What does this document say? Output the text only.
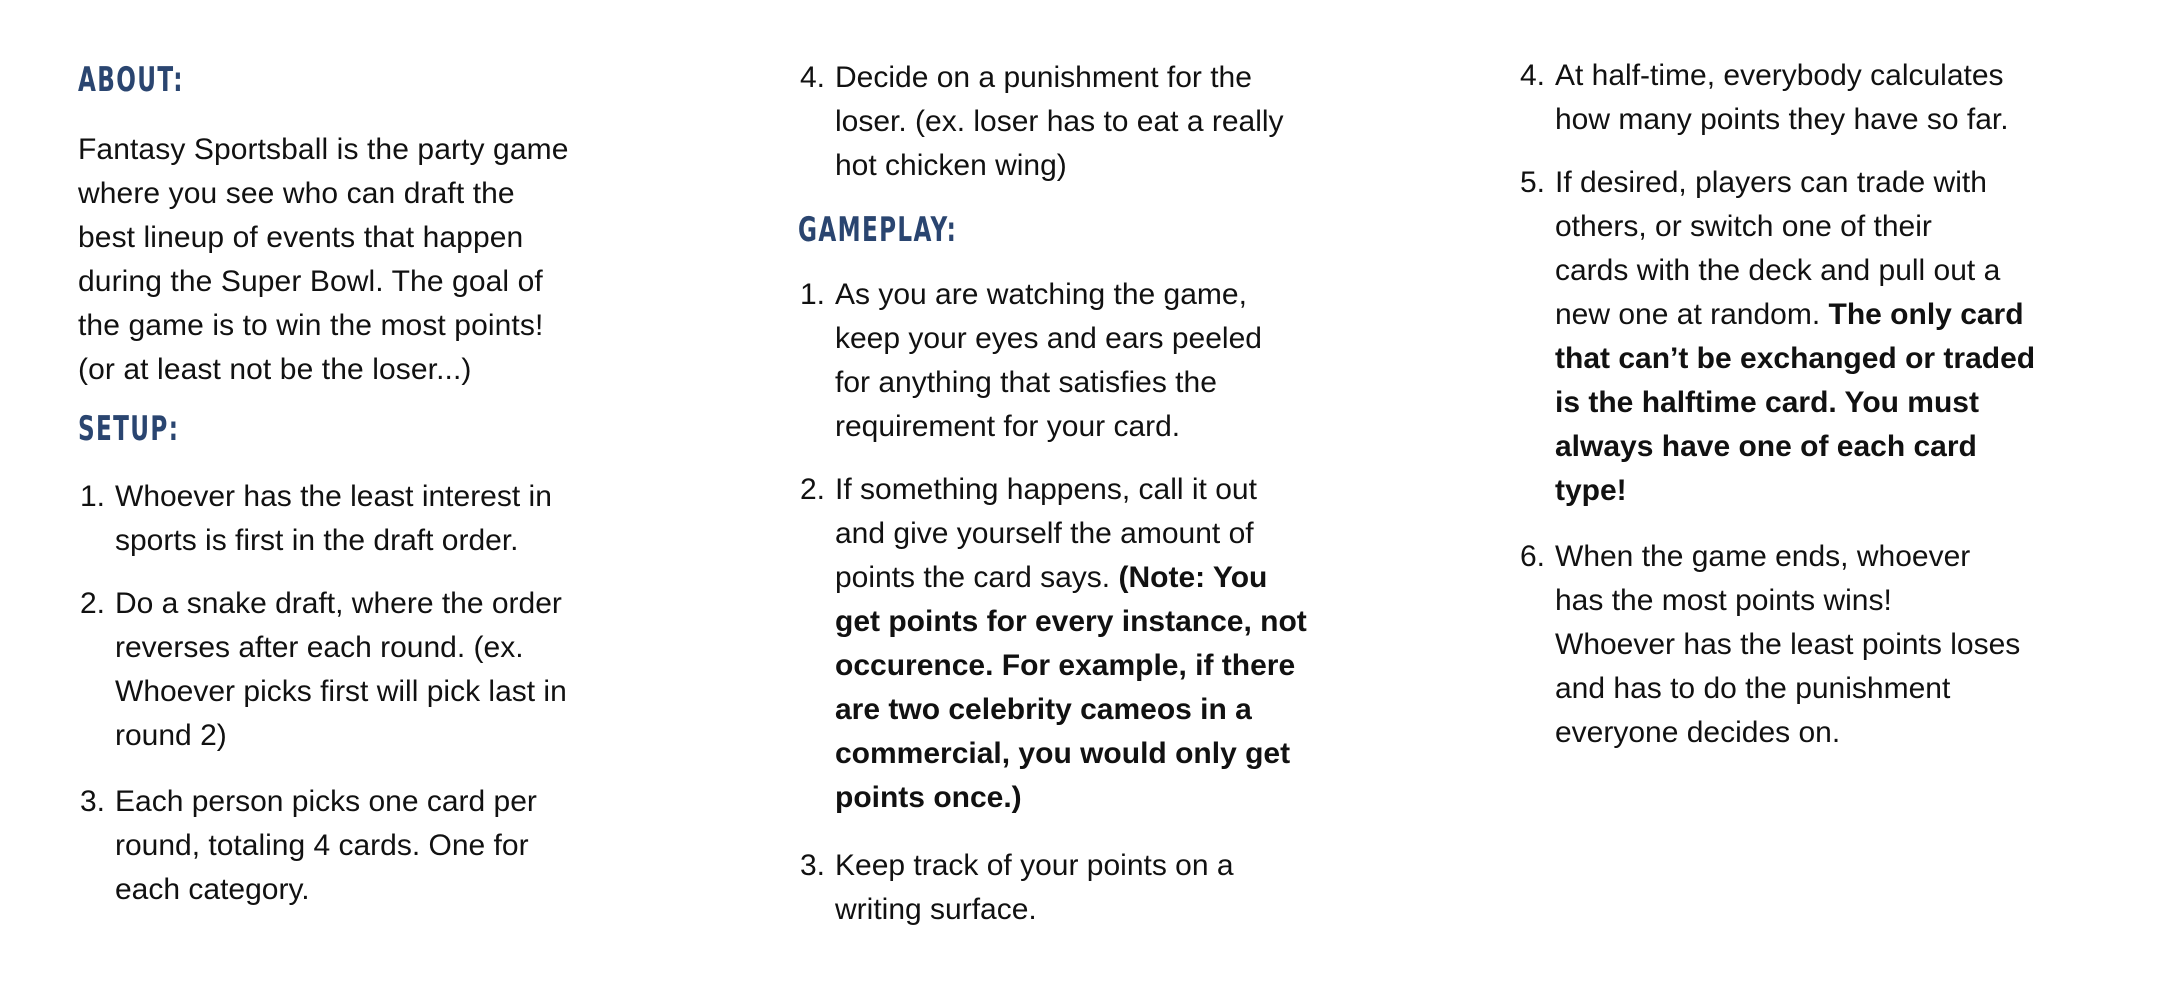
ABOUT:
Fantasy Sportsball is the party game
where you see who can draft the
best lineup of events that happen
during the Super Bowl. The goal of
the game is to win the most points!
(or at least not be the loser...)
SETUP:
1. Whoever has the least interest in
sports is first in the draft order.
2. Do a snake draft, where the order
reverses after each round. (ex.
Whoever picks first will pick last in
round 2)
3. Each person picks one card per
round, totaling 4 cards. One for
each category.
4. Decide on a punishment for the
loser. (ex. loser has to eat a really
hot chicken wing)
GAMEPLAY:
1. As you are watching the game,
keep your eyes and ears peeled
for anything that satisfies the
requirement for your card.
2. If something happens, call it out
and give yourself the amount of
points the card says. (Note: You
get points for every instance, not
occurence. For example, if there
are two celebrity cameos in a
commercial, you would only get
points once.)
3. Keep track of your points on a
writing surface.
4. At half-time, everybody calculates
how many points they have so far.
5. If desired, players can trade with
others, or switch one of their
cards with the deck and pull out a
new one at random. The only card
that can’t be exchanged or traded
is the halftime card. You must
always have one of each card
type!
6. When the game ends, whoever
has the most points wins!
Whoever has the least points loses
and has to do the punishment
everyone decides on.
